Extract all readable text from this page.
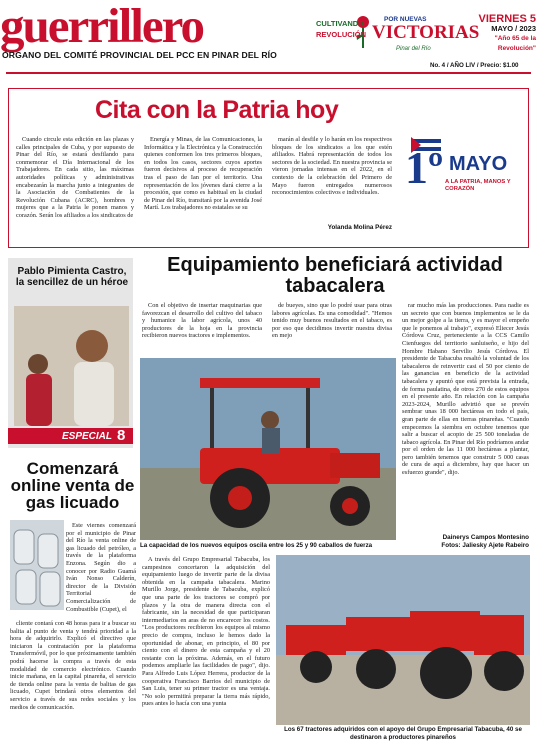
guerrillero
ÓRGANO DEL COMITÉ PROVINCIAL DEL PCC EN PINAR DEL RÍO
CULTIVANDO
REVOLUCIÓN
POR NUEVAS
VICTORIAS
Pinar del Río
VIERNES 5
MAYO / 2023
"Año 65 de la Revolución"
No. 4 / AÑO LIV / Precio: $1.00
Cita con la Patria hoy

Cuando circule esta edición en las plazas y calles principales de Cuba, y por supuesto de Pinar del Río, se estará desfilando para conmemorar el Día Internacional de los Trabajadores. En cada sitio, las máximas autoridades políticas y administrativas encabezarán la marcha junto a integrantes de la Asociación de Combatientes de la Revolución Cubana (ACRC), hombres y mujeres que a la Patria le ponen manos y corazón. Serán los afiliados a los sindicatos de

Energía y Minas, de las Comunicaciones, la Informática y la Electrónica y la Construcción quienes conformen los tres primeros bloques, en todos los casos, sectores cuyos aportes fueron decisivos al proceso de recuperación tras el paso de Ian por el territorio. Una representación de los jóvenes dará cierre a la procesión, que como es habitual en la ciudad de Pinar del Río, transitará por la avenida José Martí. Los trabajadores no estatales se su

marán al desfile y lo harán en los respectivos bloques de los sindicatos a los que estén afiliados. Habrá representación de todos los sectores de la sociedad. En nuestra provincia se vieron jornadas intensas en el 2022, en el contexto de la celebración del Primero de Mayo fueron entregados numerosos reconocimientos colectivos e individuales.

Yolanda Molina Pérez
1º MAYO
A LA PATRIA, MANOS Y CORAZÓN
Pablo Pimienta Castro, la sencillez de un héroe
ESPECIAL 8
Equipamiento beneficiará actividad tabacalera

Con el objetivo de insertar maquinarias que favorezcan el desarrollo del cultivo del tabaco y humanice la labor agrícola, unos 40 productores de la hoja en la provincia recibieron nuevos tractores e implementos.

de bueyes, sino que lo podré usar para otras labores agrícolas. Es una comodidad". "Hemos tenido muy buenos resultados en el tabaco, es por eso que decidimos invertir nuestra divisa en mejo

rar mucho más las producciones. Para nadie es un secreto que con buenos implementos se le da un mejor golpe a la tierra, y es mayor el empeño que le ponemos al trabajo", expresó Eliecer Jesús Córdova Cruz, perteneciente a la CCS Camilo Cienfuegos del territorio sanluiseño, e hijo del Hombre Habano Servilio Jesús Córdova. El presidente de Tabacuba resaltó la voluntad de los tabacaleros de reinvertir casi el 50 por ciento de las ganancias en beneficio de la actividad tabacalera y apuntó que está prevista la entrada, de forma paulatina, de otros 270 de estos equipos en el presente año. En relación con la campaña 2023-2024, Murillo advirtió que se prevén sembrar unas 18 000 hectáreas en todo el país, gran parte de ellas en tierras pinareñas. "Cuando empecemos la siembra en octubre tenemos que salir a buscar el acopio de 25 500 toneladas de tabaco agrícola. En Pinar del Río podríamos andar por el orden de las 11 000 hectáreas a plantar, pero también tenemos que construir 5 000 casas de cura de aquí a diciembre, hay que hacer un esfuerzo grande", dijo.

La capacidad de los nuevos equipos oscila entre los 25 y 90 caballos de fuerza
Dainerys Campos Montesino
Fotos: Jaliesky Ajete Rabeiro

A través del Grupo Empresarial Tabacuba, los campesinos concertaron la adquisición del equipamiento luego de invertir parte de la divisa obtenida en la campaña tabacalera. Marino Murillo Jorge, presidente de Tabacuba, explicó que una parte de los tractores se compró por plazos y la otra de manera directa con el fabricante, sin la necesidad de que participaran intermediarios en aras de no encarecer los costos. "Los productores recibieron los equipos al mismo precio de compra, incluso le hemos dado la oportunidad de abonar, en principio, el 80 por ciento con el dinero de esta campaña y el 20 restante con la próxima. Además, en el futuro podemos ampliarle las facilidades de pago", dijo. Para Alfredo Luis López Herrera, productor de la cooperativa Francisco Barrios del municipio de San Luis, tener su primer tractor es una ventaja. "No solo permitirá preparar la tierra más rápido, pues antes lo hacía con una yunta

Los 67 tractores adquiridos con el apoyo del Grupo Empresarial Tabacuba, 40 se destinaron a productores pinareños
Comenzará online venta de gas licuado

Este viernes comenzará por el municipio de Pinar del Río la venta online de gas licuado del petróleo, a través de la plataforma Enzona. Según dio a conocer por Radio Guamá Iván Nonso Calderín, director de la División Territorial de Comercialización de Combustible (Cupet), el

cliente contará con 48 horas para ir a buscar su balita al punto de venta y tendrá prioridad a la hora de adquirirlo. Explicó el directivo que iniciaron la contratación por la plataforma Transfermóvil, por lo que próximamente también podrá hacerse la compra a través de esta modalidad de comercio electrónico. Cuando inicie mañana, en la capital pinareña, el servicio de tienda online para la venta de balitas de gas licuado, Cupet brindará otros elementos del servicio a través de sus redes sociales y los medios de comunicación.
